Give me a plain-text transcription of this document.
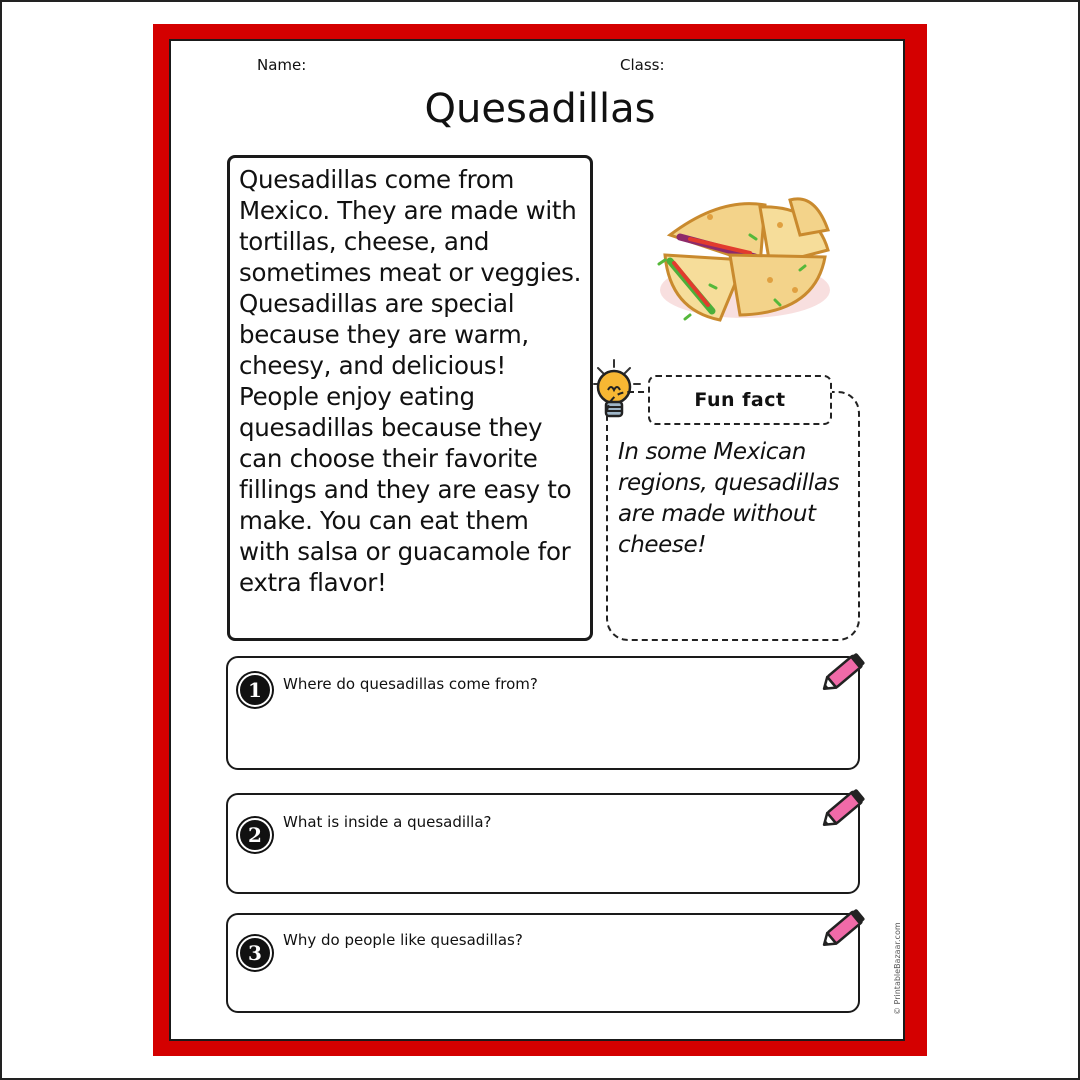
Name:	Class:
Quesadillas
Quesadillas come from Mexico. They are made with tortillas, cheese, and sometimes meat or veggies. Quesadillas are special because they are warm, cheesy, and delicious! People enjoy eating quesadillas because they can choose their favorite fillings and they are easy to make. You can eat them with salsa or guacamole for extra flavor!
Fun fact
In some Mexican regions, quesadillas are made without cheese!
1	Where do quesadillas come from?
2
What is inside a quesadilla?
3
Why do people like quesadillas?	© PrintableBazaar.com
